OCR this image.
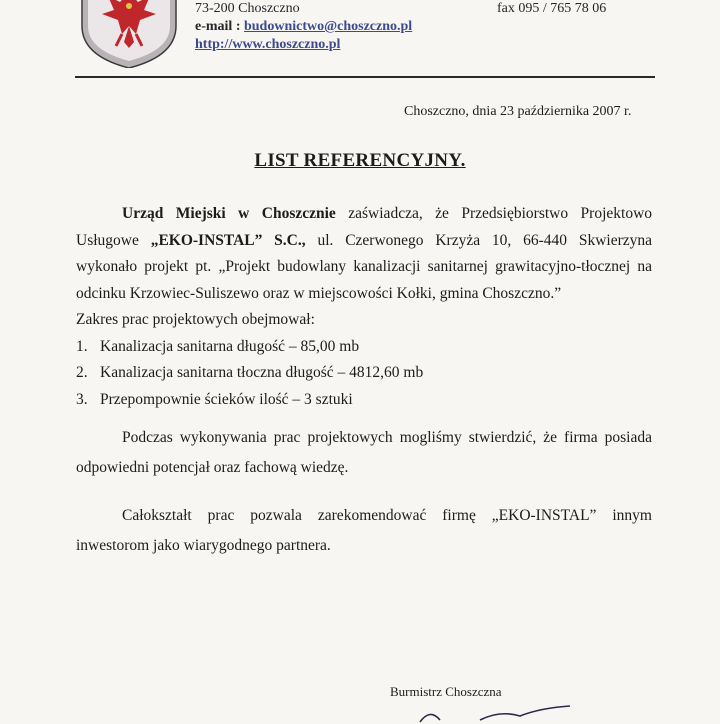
73-200 Choszczno
e-mail : budownictwo@choszczno.pl
http://www.choszczno.pl
fax 095 / 765 78 06
Choszczno, dnia 23 października 2007 r.
LIST REFERENCYJNY.

Urząd Miejski w Choszcznie zaświadcza, że Przedsiębiorstwo Projektowo Usługowe „EKO-INSTAL” S.C., ul. Czerwonego Krzyża 10, 66-440 Skwierzyna wykonało projekt pt. „Projekt budowlany kanalizacji sanitarnej grawitacyjno-tłocznej na odcinku Krzowiec-Suliszewo oraz w miejscowości Kołki, gmina Choszczno.”

Zakres prac projektowych obejmował:

1. Kanalizacja sanitarna długość – 85,00 mb
2. Kanalizacja sanitarna tłoczna długość – 4812,60 mb
3. Przepompownie ścieków ilość – 3 sztuki

Podczas wykonywania prac projektowych mogliśmy stwierdzić, że firma posiada odpowiedni potencjał oraz fachową wiedzę.

Całokształt prac pozwala zarekomendować firmę „EKO-INSTAL” innym inwestorom jako wiarygodnego partnera.

Burmistrz Choszczna
